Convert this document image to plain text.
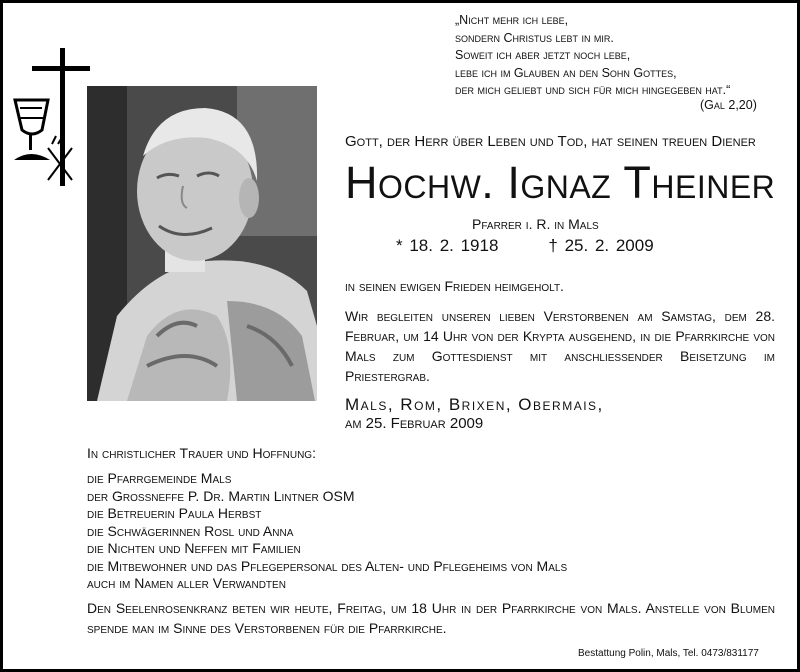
„Nicht mehr ich lebe,
sondern Christus lebt in mir.
Soweit ich aber jetzt noch lebe,
lebe ich im Glauben an den Sohn Gottes,
der mich geliebt und sich für mich hingegeben hat.“
(Gal 2,20)
Gott, der Herr über Leben und Tod, hat seinen treuen Diener
Hochw. Ignaz Theiner
Pfarrer i. R. in Mals
* 18. 2. 1918	† 25. 2. 2009
in seinen ewigen Frieden heimgeholt.
Wir begleiten unseren lieben Verstorbenen am Samstag, dem 28. Februar, um 14 Uhr von der Krypta ausgehend, in die Pfarrkirche von Mals zum Gottesdienst mit anschliessender Beisetzung im Priestergrab.
Mals, Rom, Brixen, Obermais,
am 25. Februar 2009
In christlicher Trauer und Hoffnung:
die Pfarrgemeinde Mals
der Grossneffe P. Dr. Martin Lintner OSM
die Betreuerin Paula Herbst
die Schwägerinnen Rosl und Anna
die Nichten und Neffen mit Familien
die Mitbewohner und das Pflegepersonal des Alten- und Pflegeheims von Mals
auch im Namen aller Verwandten
Den Seelenrosenkranz beten wir heute, Freitag, um 18 Uhr in der Pfarrkirche von Mals. Anstelle von Blumen spende man im Sinne des Verstorbenen für die Pfarrkirche.
Bestattung Polin, Mals, Tel. 0473/831177
